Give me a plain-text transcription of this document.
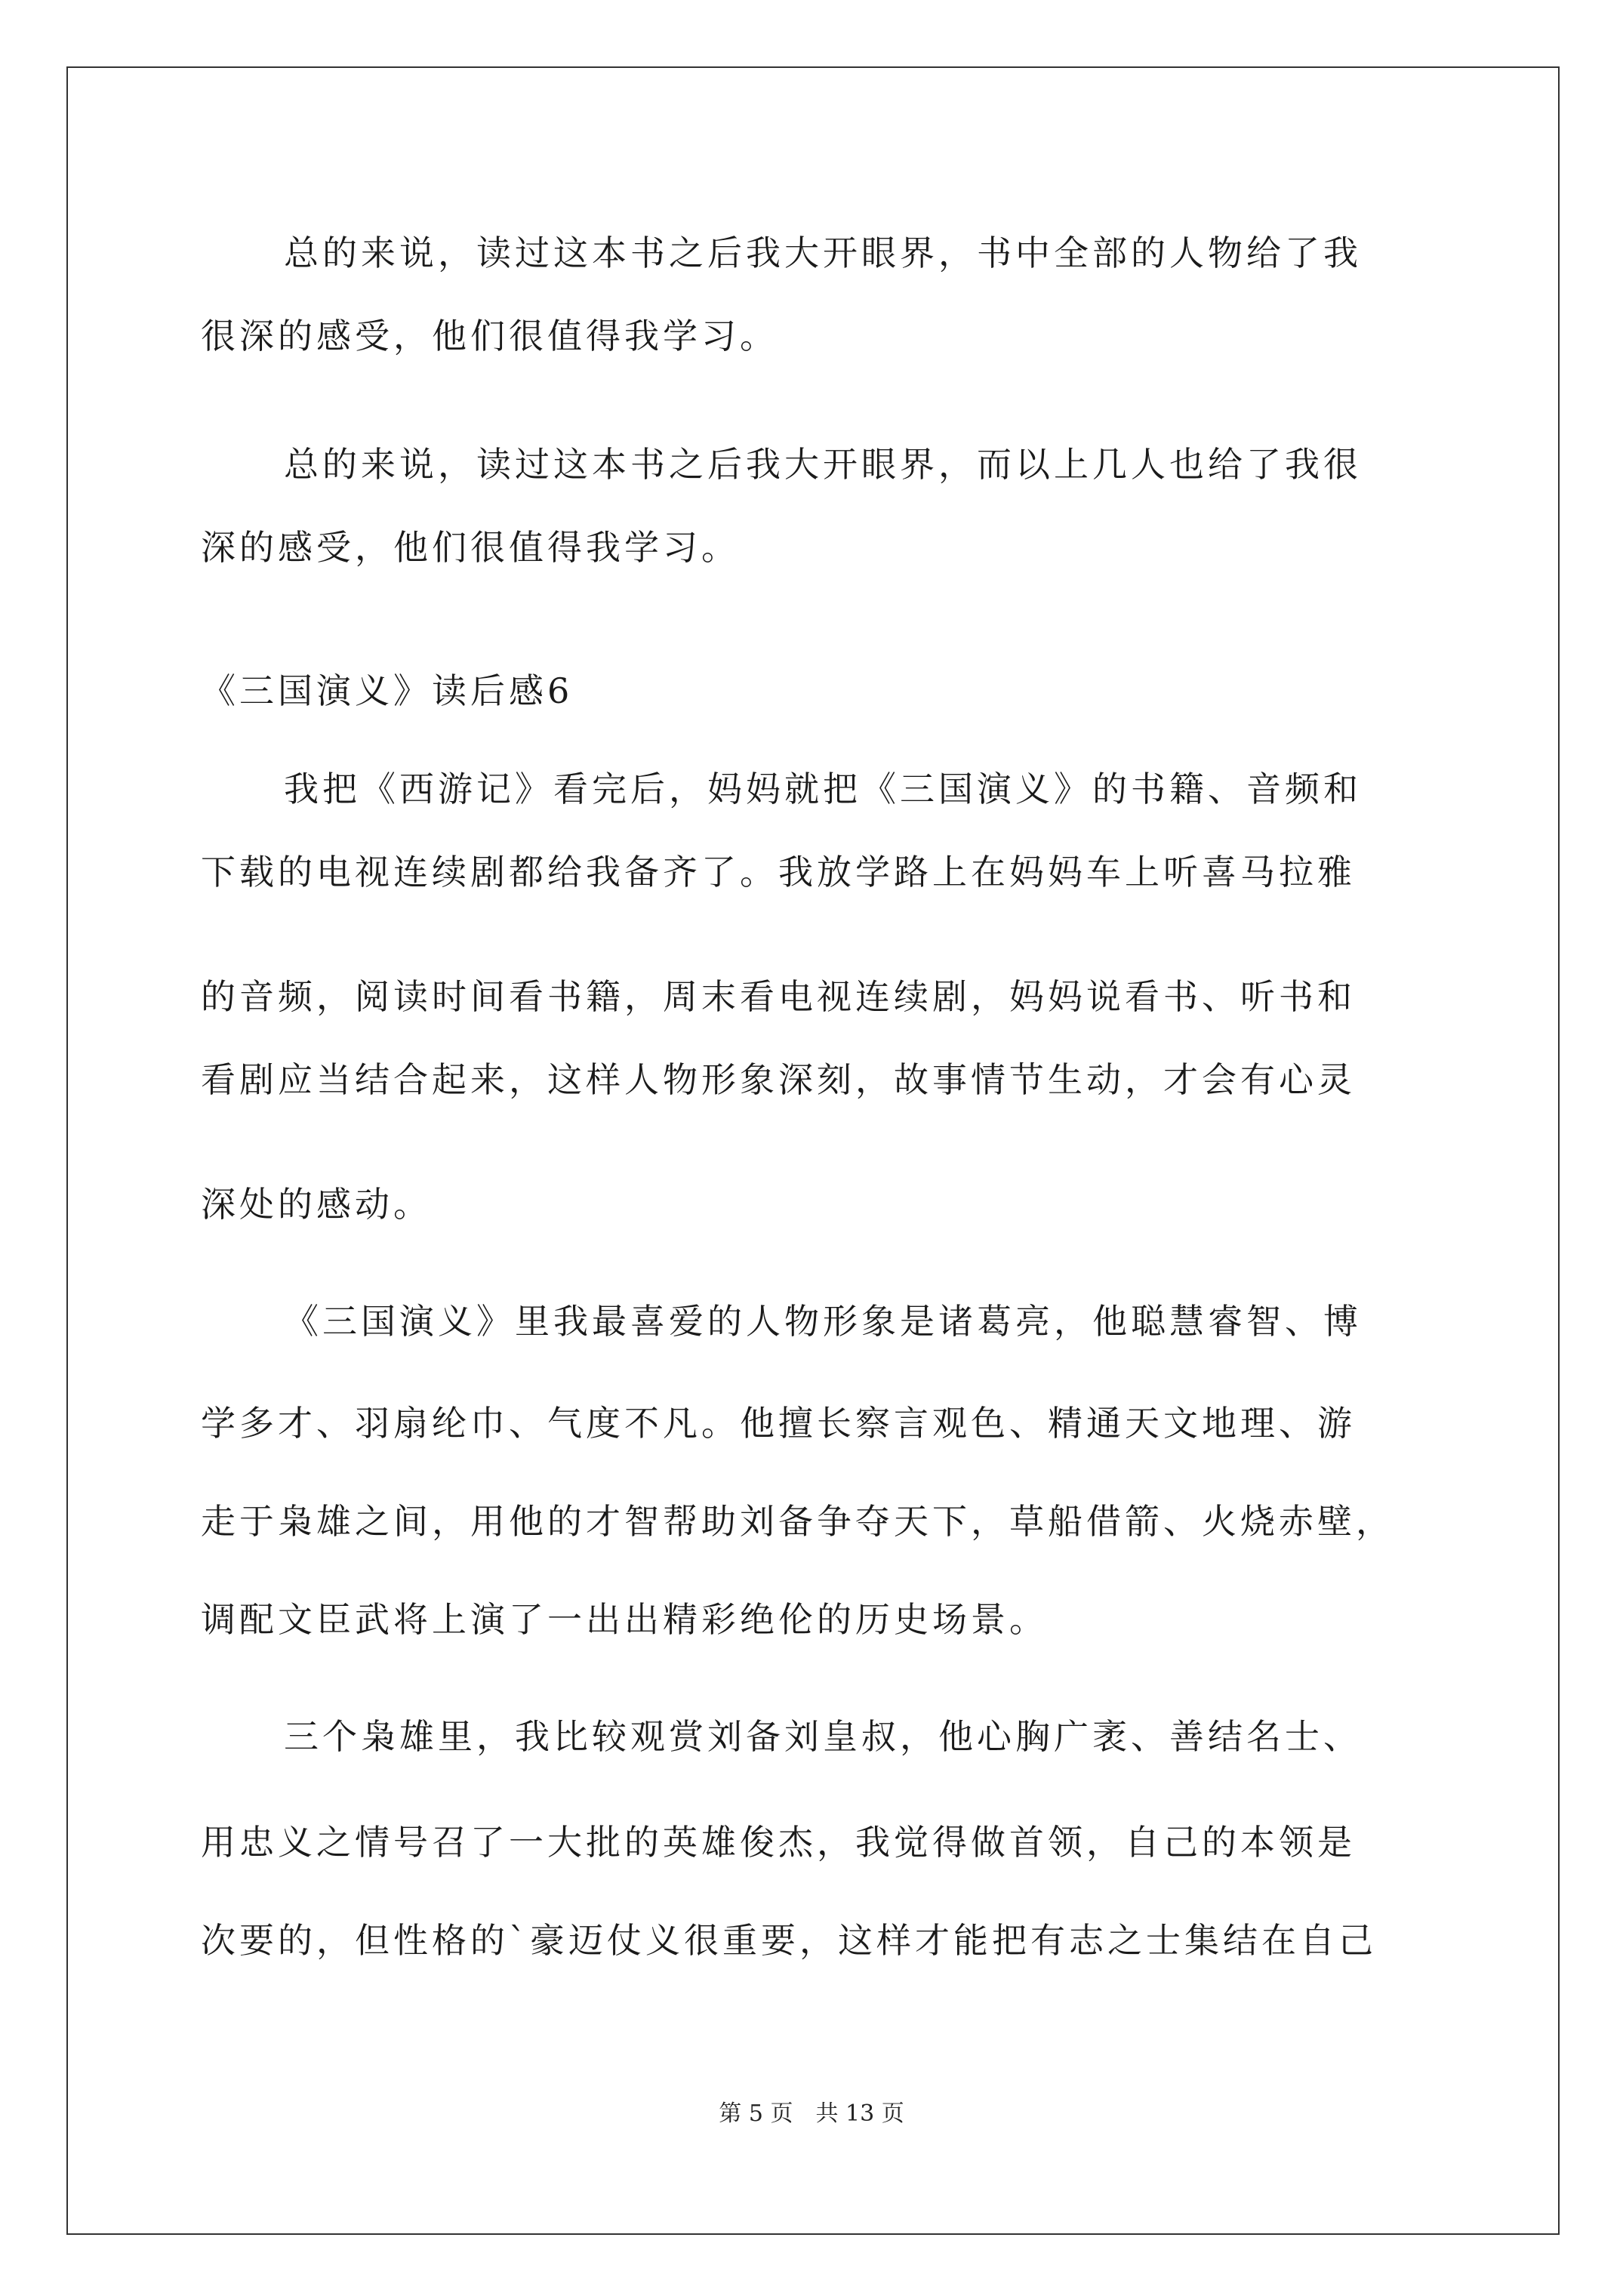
总的来说，读过这本书之后我大开眼界，书中全部的人物给了我
很深的感受，他们很值得我学习。
总的来说，读过这本书之后我大开眼界，而以上几人也给了我很
深的感受，他们很值得我学习。
《三国演义》读后感6
我把《西游记》看完后，妈妈就把《三国演义》的书籍、音频和
下载的电视连续剧都给我备齐了。我放学路上在妈妈车上听喜马拉雅
的音频，阅读时间看书籍，周末看电视连续剧，妈妈说看书、听书和
看剧应当结合起来，这样人物形象深刻，故事情节生动，才会有心灵
深处的感动。
《三国演义》里我最喜爱的人物形象是诸葛亮，他聪慧睿智、博
学多才、羽扇纶巾、气度不凡。他擅长察言观色、精通天文地理、游
走于枭雄之间，用他的才智帮助刘备争夺天下，草船借箭、火烧赤壁，
调配文臣武将上演了一出出精彩绝伦的历史场景。
三个枭雄里，我比较观赏刘备刘皇叔，他心胸广袤、善结名士、
用忠义之情号召了一大批的英雄俊杰，我觉得做首领，自己的本领是
次要的，但性格的`豪迈仗义很重要，这样才能把有志之士集结在自己
第 5 页　共 13 页
